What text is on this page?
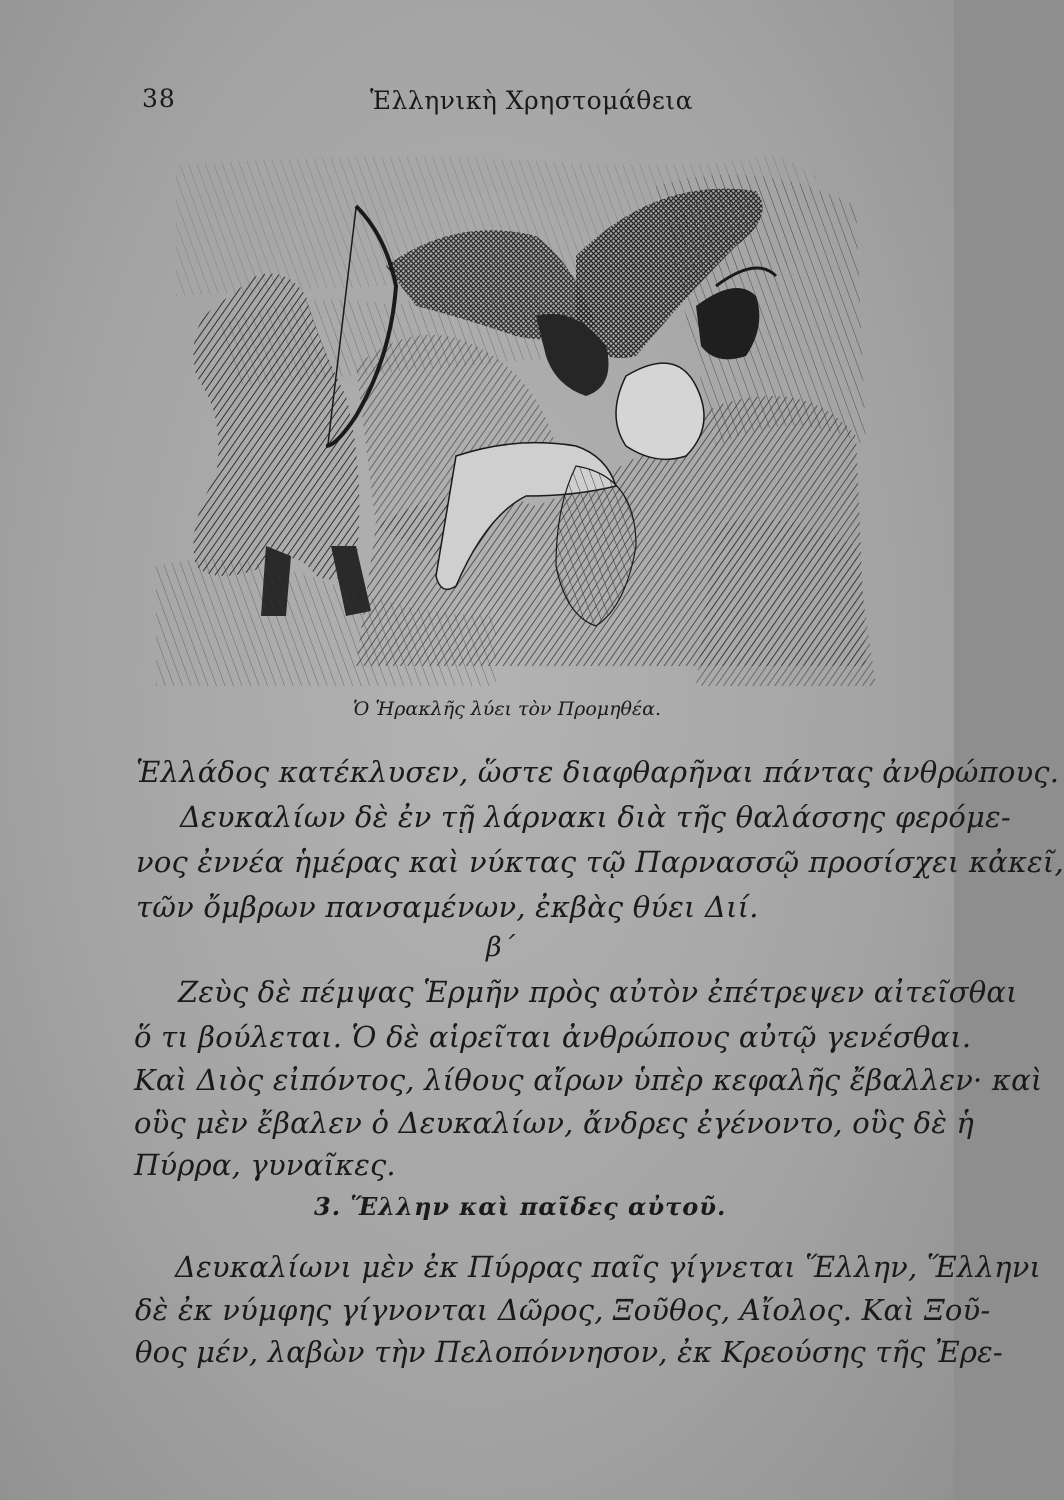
38	Ἑλληνικὴ Χρηστομάθεια
Ὁ Ἡρακλῆς λύει τὸν Προμηθέα.
Ἑλλάδος κατέκλυσεν, ὥστε διαφθαρῆναι πάντας ἀνθρώπους.
Δευκαλίων δὲ ἐν τῇ λάρνακι διὰ τῆς θαλάσσης φερόμε-
νος ἐννέα ἡμέρας καὶ νύκτας τῷ Παρνασσῷ προσίσχει κἀκεῖ,
τῶν ὄμβρων πανσαμένων, ἐκβὰς θύει Διί.
β΄
Ζεὺς δὲ πέμψας Ἑρμῆν πρὸς αὐτὸν ἐπέτρεψεν αἰτεῖσθαι
ὅ τι βούλεται. Ὁ δὲ αἱρεῖται ἀνθρώπους αὐτῷ γενέσθαι.
Καὶ Διὸς εἰπόντος, λίθους αἴρων ὑπὲρ κεφαλῆς ἔβαλλεν· καὶ
οὓς μὲν ἔβαλεν ὁ Δευκαλίων, ἄνδρες ἐγένοντο, οὓς δὲ ἡ
Πύρρα, γυναῖκες.
3. Ἕλλην καὶ παῖδες αὐτοῦ.
Δευκαλίωνι μὲν ἐκ Πύρρας παῖς γίγνεται Ἕλλην, Ἕλληνι
δὲ ἐκ νύμφης γίγνονται Δῶρος, Ξοῦθος, Αἴολος. Καὶ Ξοῦ-
θος μέν, λαβὼν τὴν Πελοπόννησον, ἐκ Κρεούσης τῆς Ἐρε-
